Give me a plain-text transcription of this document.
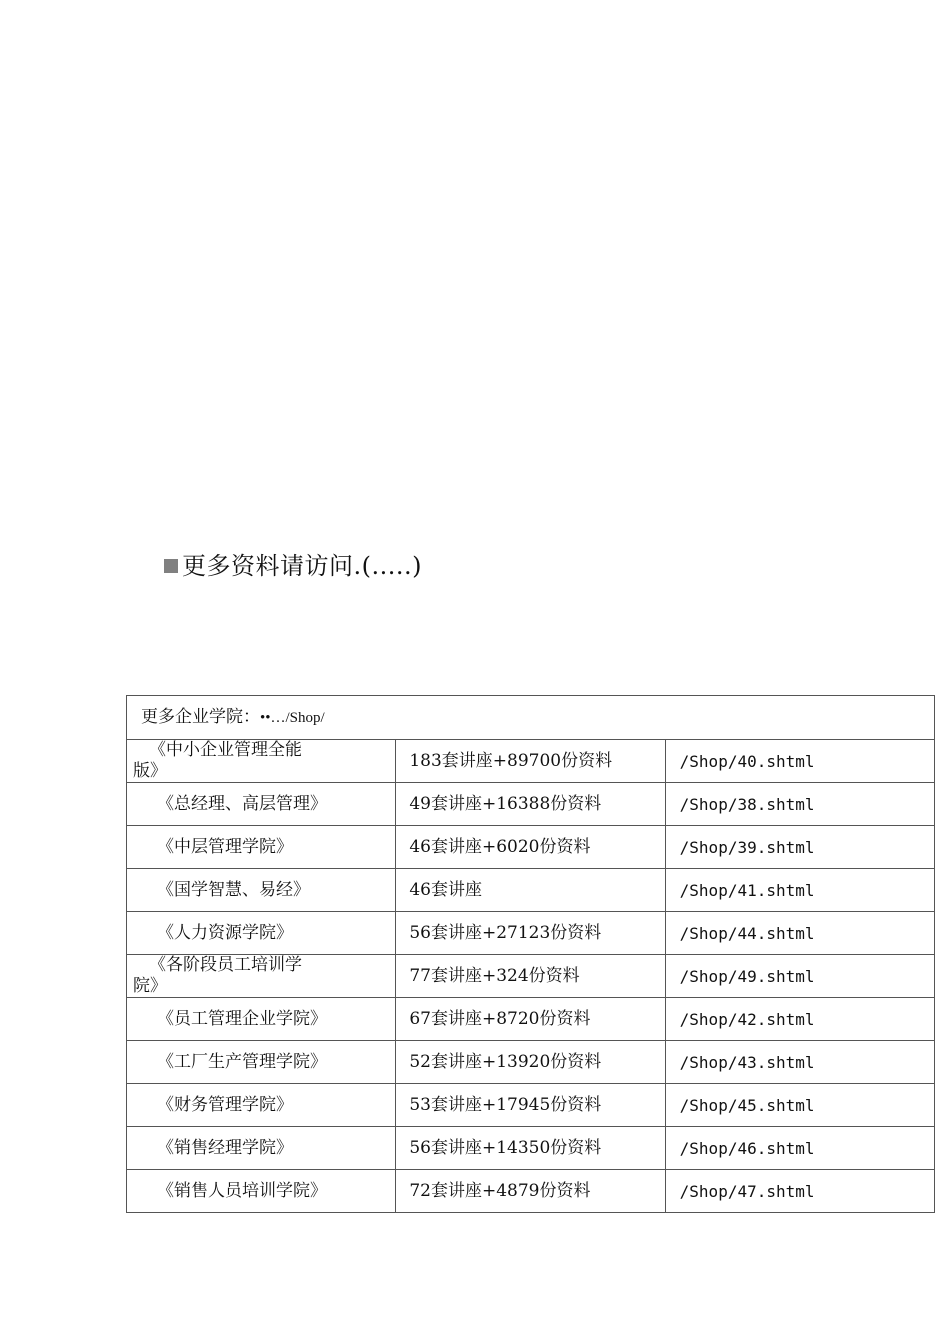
更多资料请访问.(.....)
更多企业学院：••…/Shop/		

《中小企业管理全能
版》	183套讲座+89700份资料	/Shop/40.shtml
《总经理、高层管理》	49套讲座+16388份资料	/Shop/38.shtml
《中层管理学院》	46套讲座+6020份资料	/Shop/39.shtml
《国学智慧、易经》	46套讲座	/Shop/41.shtml
《人力资源学院》	56套讲座+27123份资料	/Shop/44.shtml

《各阶段员工培训学
院》	77套讲座+324份资料	/Shop/49.shtml
《员工管理企业学院》	67套讲座+8720份资料	/Shop/42.shtml
《工厂生产管理学院》	52套讲座+13920份资料	/Shop/43.shtml
《财务管理学院》	53套讲座+17945份资料	/Shop/45.shtml
《销售经理学院》	56套讲座+14350份资料	/Shop/46.shtml
《销售人员培训学院》	72套讲座+4879份资料	/Shop/47.shtml
